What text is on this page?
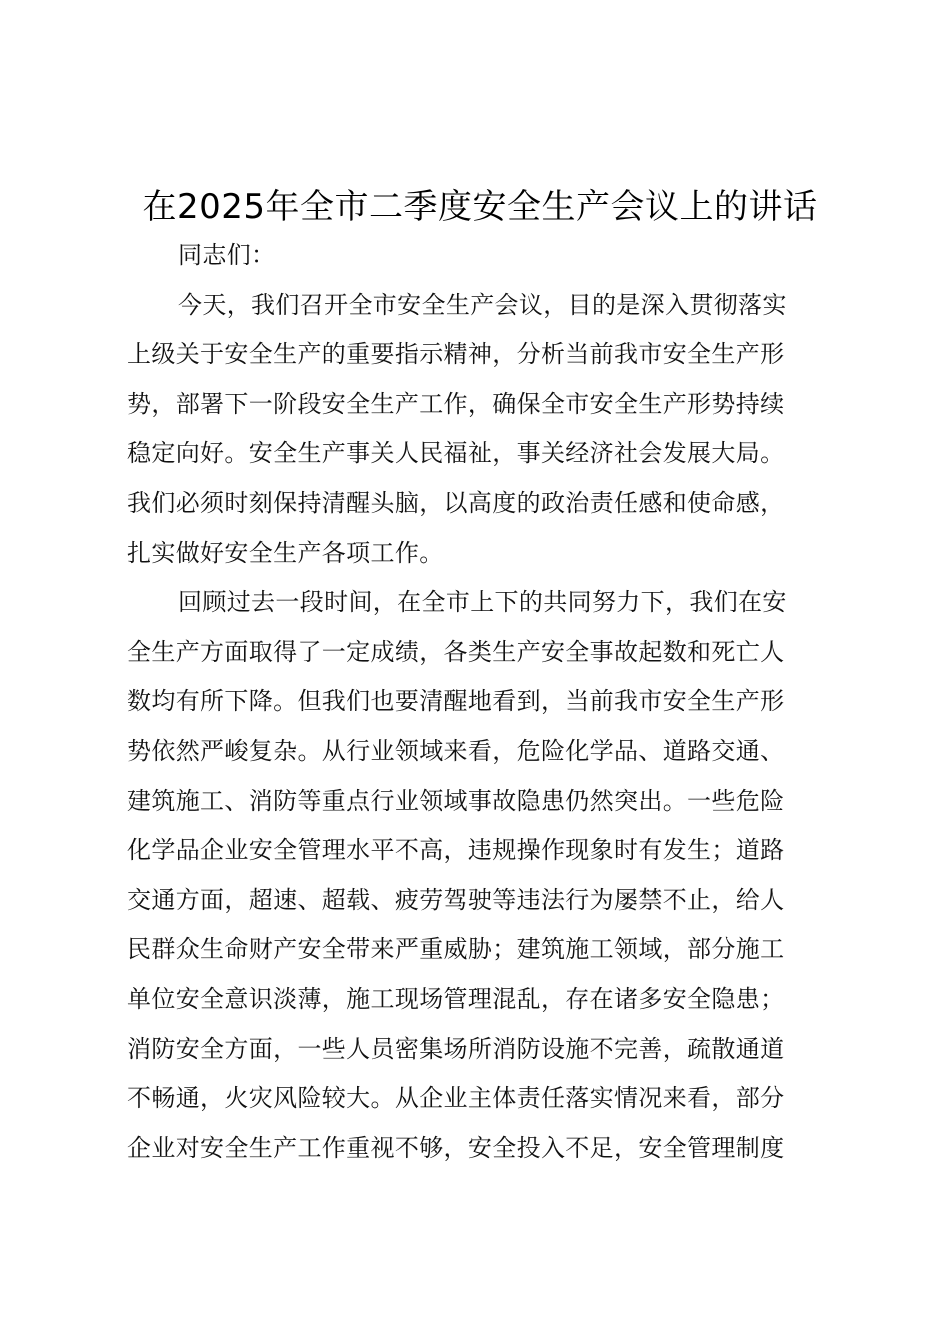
在2025年全市二季度安全生产会议上的讲话
同志们：
今天，我们召开全市安全生产会议，目的是深入贯彻落实
上级关于安全生产的重要指示精神，分析当前我市安全生产形
势，部署下一阶段安全生产工作，确保全市安全生产形势持续
稳定向好。安全生产事关人民福祉，事关经济社会发展大局。
我们必须时刻保持清醒头脑，以高度的政治责任感和使命感，
扎实做好安全生产各项工作。
回顾过去一段时间，在全市上下的共同努力下，我们在安
全生产方面取得了一定成绩，各类生产安全事故起数和死亡人
数均有所下降。但我们也要清醒地看到，当前我市安全生产形
势依然严峻复杂。从行业领域来看，危险化学品、道路交通、
建筑施工、消防等重点行业领域事故隐患仍然突出。一些危险
化学品企业安全管理水平不高，违规操作现象时有发生；道路
交通方面，超速、超载、疲劳驾驶等违法行为屡禁不止，给人
民群众生命财产安全带来严重威胁；建筑施工领域，部分施工
单位安全意识淡薄，施工现场管理混乱，存在诸多安全隐患；
消防安全方面，一些人员密集场所消防设施不完善，疏散通道
不畅通，火灾风险较大。从企业主体责任落实情况来看，部分
企业对安全生产工作重视不够，安全投入不足，安全管理制度
